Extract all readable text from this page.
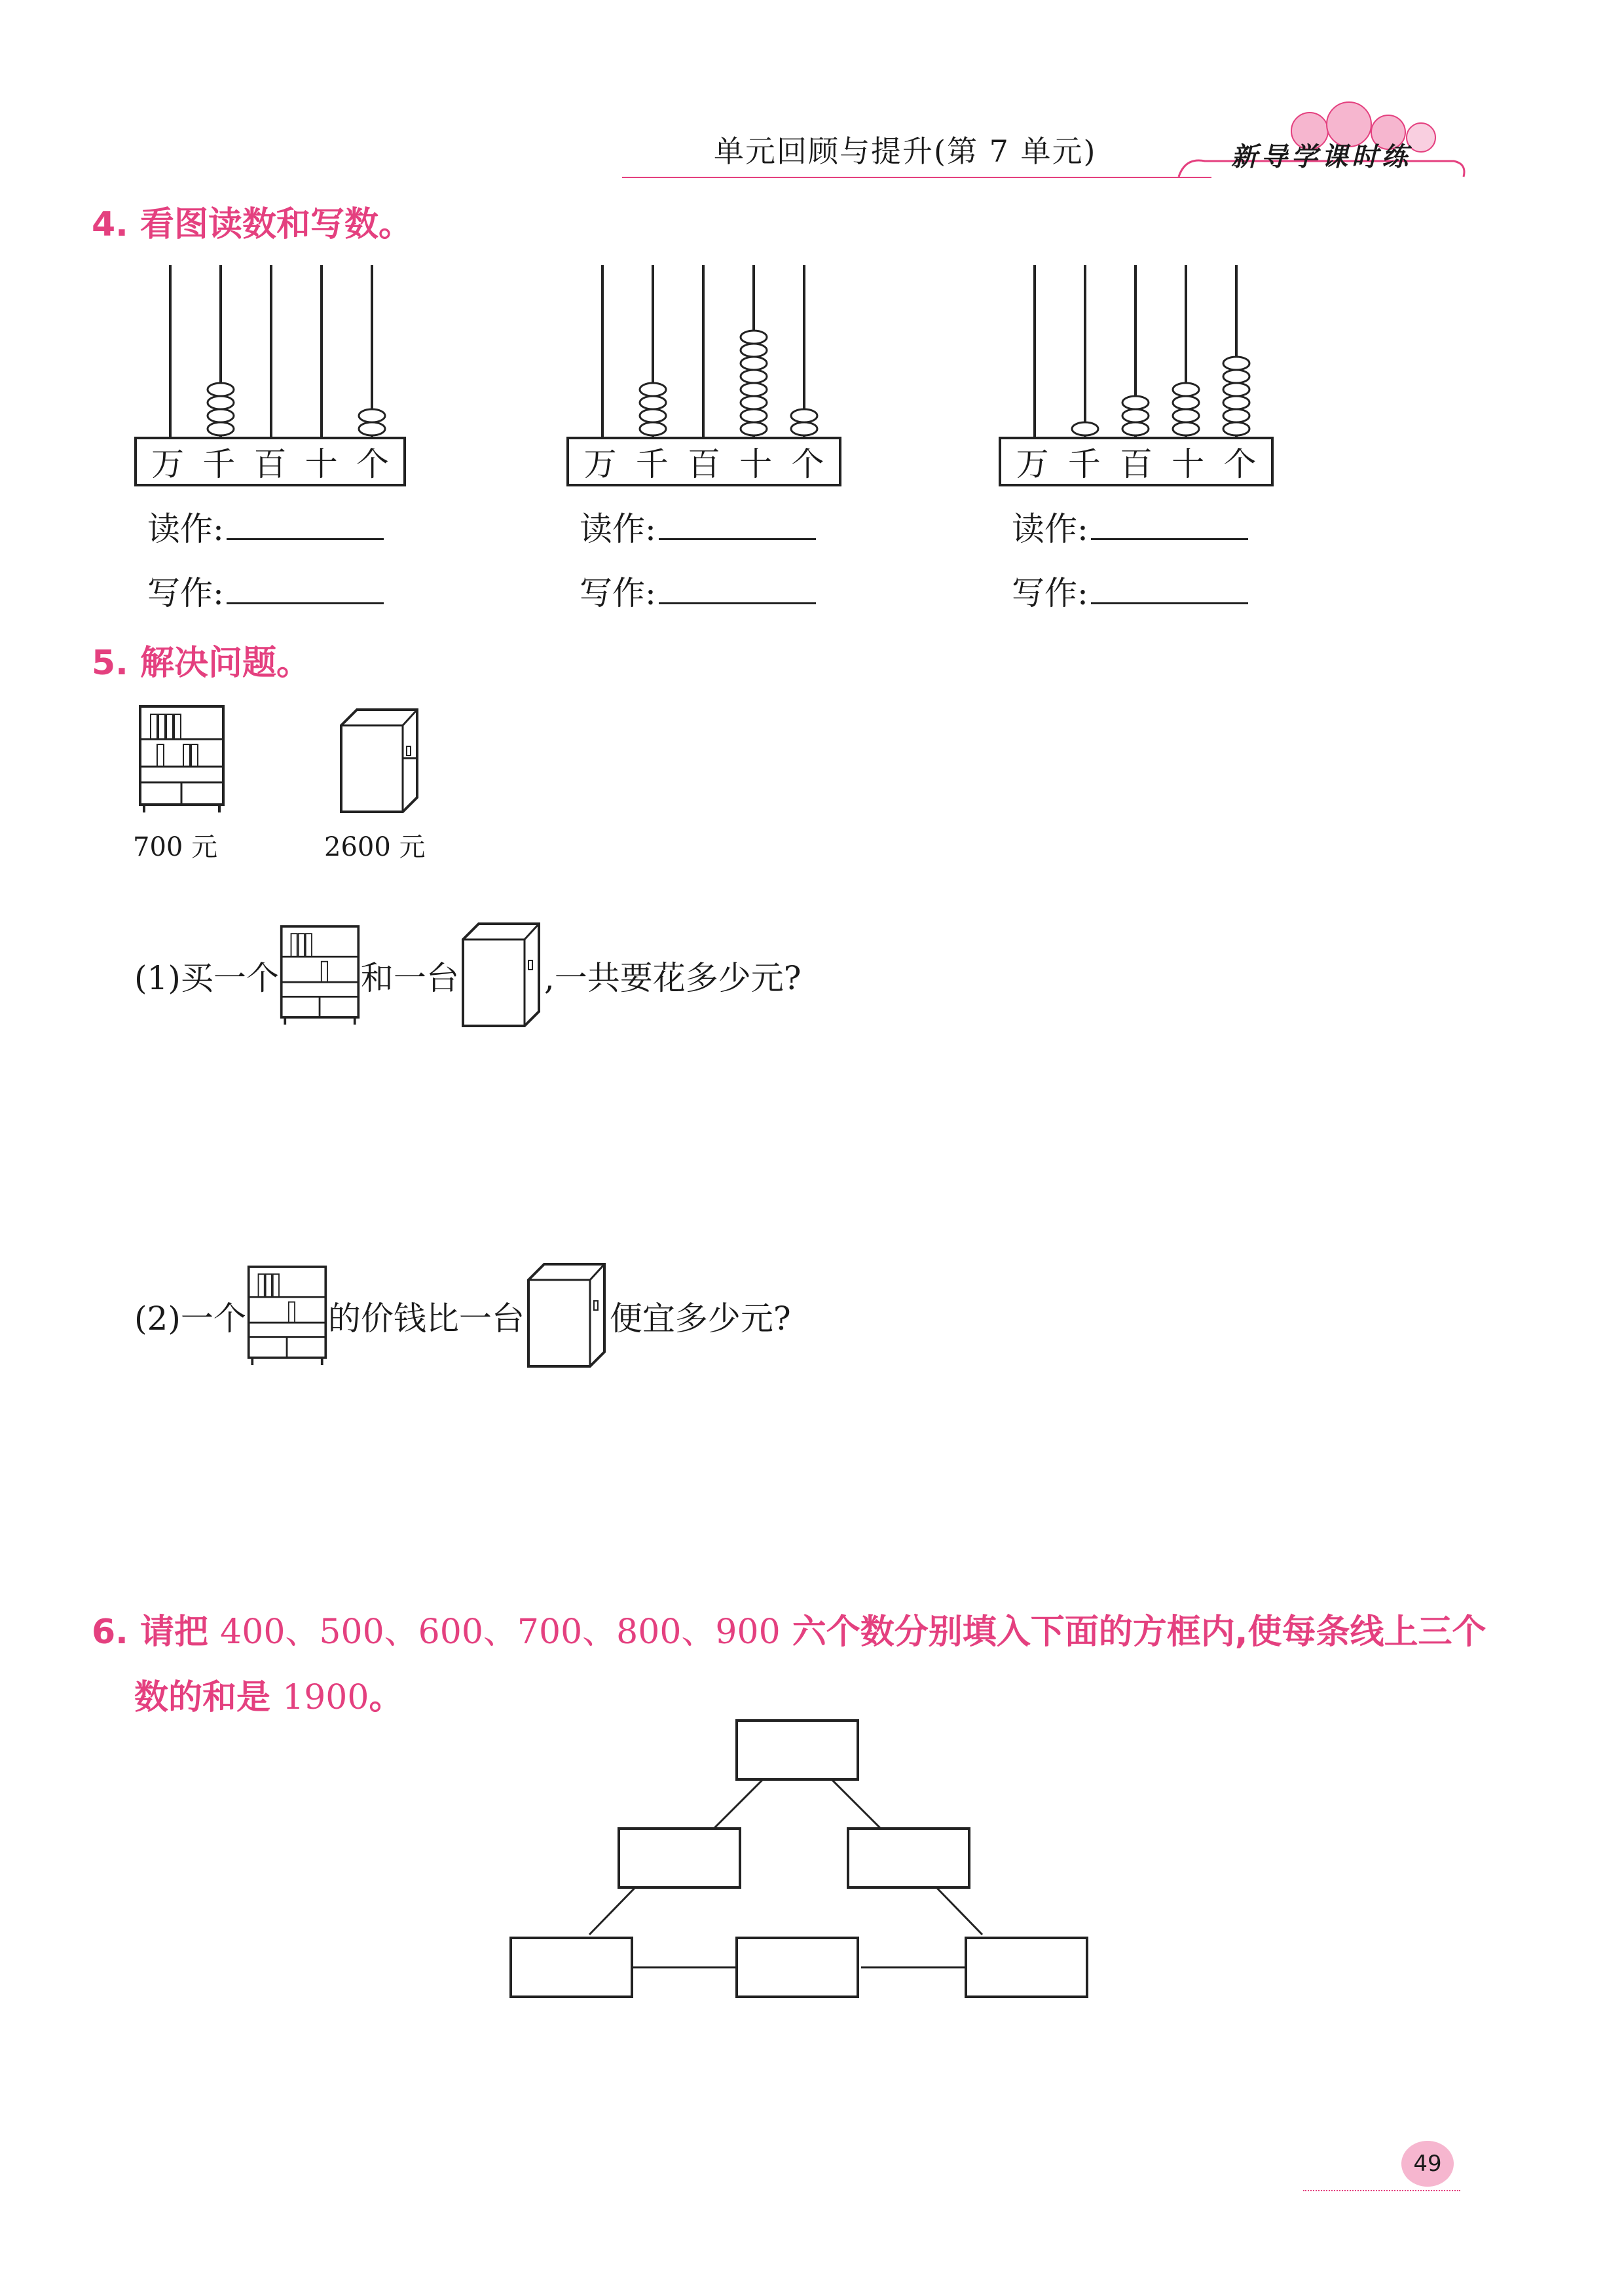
单元回顾与提升(第 7 单元)	新导学课时练
4. 看图读数和写数。
万 千 百 十 个
读作:
写作:
万 千 百 十 个
读作:
写作:
万 千 百 十 个
读作:
写作:
5. 解决问题。
700 元	2600 元
(1)买一个	和一台	,一共要花多少元?
(2)一个	的价钱比一台	便宜多少元?
6. 请把 400、500、600、700、800、900 六个数分别填入下面的方框内,使每条线上三个
数的和是 1900。
49
